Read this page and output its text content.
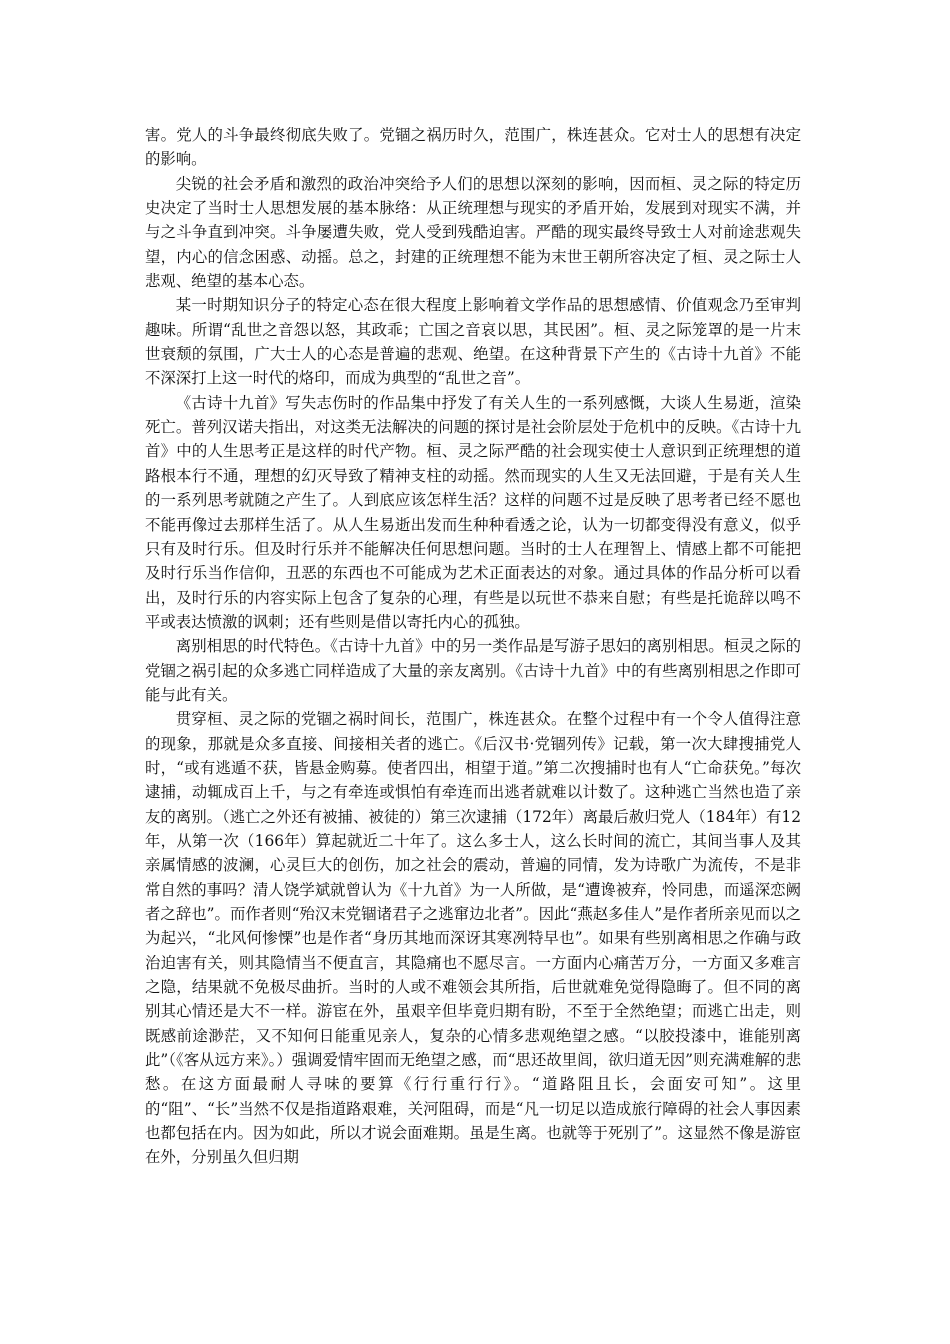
害。党人的斗争最终彻底失败了。党锢之祸历时久，范围广，株连甚众。它对士人的思想有决定的影响。

尖锐的社会矛盾和激烈的政治冲突给予人们的思想以深刻的影响，因而桓、灵之际的特定历史决定了当时士人思想发展的基本脉络：从正统理想与现实的矛盾开始，发展到对现实不满，并与之斗争直到冲突。斗争屡遭失败，党人受到残酷迫害。严酷的现实最终导致士人对前途悲观失望，内心的信念困惑、动摇。总之，封建的正统理想不能为末世王朝所容决定了桓、灵之际士人悲观、绝望的基本心态。

某一时期知识分子的特定心态在很大程度上影响着文学作品的思想感情、价值观念乃至审判趣味。所谓“乱世之音怨以怒，其政乖；亡国之音哀以思，其民困”。桓、灵之际笼罩的是一片末世衰颓的氛围，广大士人的心态是普遍的悲观、绝望。在这种背景下产生的《古诗十九首》不能不深深打上这一时代的烙印，而成为典型的“乱世之音”。

《古诗十九首》写失志伤时的作品集中抒发了有关人生的一系列感慨，大谈人生易逝，渲染死亡。普列汉诺夫指出，对这类无法解决的问题的探讨是社会阶层处于危机中的反映。《古诗十九首》中的人生思考正是这样的时代产物。桓、灵之际严酷的社会现实使士人意识到正统理想的道路根本行不通，理想的幻灭导致了精神支柱的动摇。然而现实的人生又无法回避，于是有关人生的一系列思考就随之产生了。人到底应该怎样生活？这样的问题不过是反映了思考者已经不愿也不能再像过去那样生活了。从人生易逝出发而生种种看透之论，认为一切都变得没有意义，似乎只有及时行乐。但及时行乐并不能解决任何思想问题。当时的士人在理智上、情感上都不可能把及时行乐当作信仰，丑恶的东西也不可能成为艺术正面表达的对象。通过具体的作品分析可以看出，及时行乐的内容实际上包含了复杂的心理，有些是以玩世不恭来自慰；有些是托诡辞以鸣不平或表达愤激的讽刺；还有些则是借以寄托内心的孤独。

离别相思的时代特色。《古诗十九首》中的另一类作品是写游子思妇的离别相思。桓灵之际的党锢之祸引起的众多逃亡同样造成了大量的亲友离别。《古诗十九首》中的有些离别相思之作即可能与此有关。

贯穿桓、灵之际的党锢之祸时间长，范围广，株连甚众。在整个过程中有一个令人值得注意的现象，那就是众多直接、间接相关者的逃亡。《后汉书·党锢列传》记载，第一次大肆搜捕党人时，“或有逃遁不获，皆悬金购募。使者四出，相望于道。”第二次搜捕时也有人“亡命获免。”每次逮捕，动辄成百上千，与之有牵连或惧怕有牵连而出逃者就难以计数了。这种逃亡当然也造了亲友的离别。（逃亡之外还有被捕、被徒的）第三次逮捕（172年）离最后赦归党人（184年）有12年，从第一次（166年）算起就近二十年了。这么多士人，这么长时间的流亡，其间当事人及其亲属情感的波澜，心灵巨大的创伤，加之社会的震动，普遍的同情，发为诗歌广为流传，不是非常自然的事吗？清人饶学斌就曾认为《十九首》为一人所做，是“遭谗被弃，怜同患，而遥深恋阙者之辞也”。而作者则“殆汉末党锢诸君子之逃窜边北者”。因此“燕赵多佳人”是作者所亲见而以之为起兴，“北风何惨慄”也是作者“身历其地而深讶其寒冽特早也”。如果有些别离相思之作确与政治迫害有关，则其隐情当不便直言，其隐痛也不愿尽言。一方面内心痛苦万分，一方面又多难言之隐，结果就不免极尽曲折。当时的人或不难领会其所指，后世就难免觉得隐晦了。但不同的离别其心情还是大不一样。游宦在外，虽艰辛但毕竟归期有盼，不至于全然绝望；而逃亡出走，则既感前途渺茫，又不知何日能重见亲人，复杂的心情多悲观绝望之感。“以胶投漆中，谁能别离此”（《客从远方来》。）强调爱情牢固而无绝望之感，而“思还故里闾，欲归道无因”则充满难解的悲愁。在这方面最耐人寻味的要算《行行重行行》。“道路阻且长，会面安可知”。这里的“阻”、“长”当然不仅是指道路艰难，关河阻碍，而是“凡一切足以造成旅行障碍的社会人事因素也都包括在内。因为如此，所以才说会面难期。虽是生离。也就等于死别了”。这显然不像是游宦在外，分别虽久但归期
